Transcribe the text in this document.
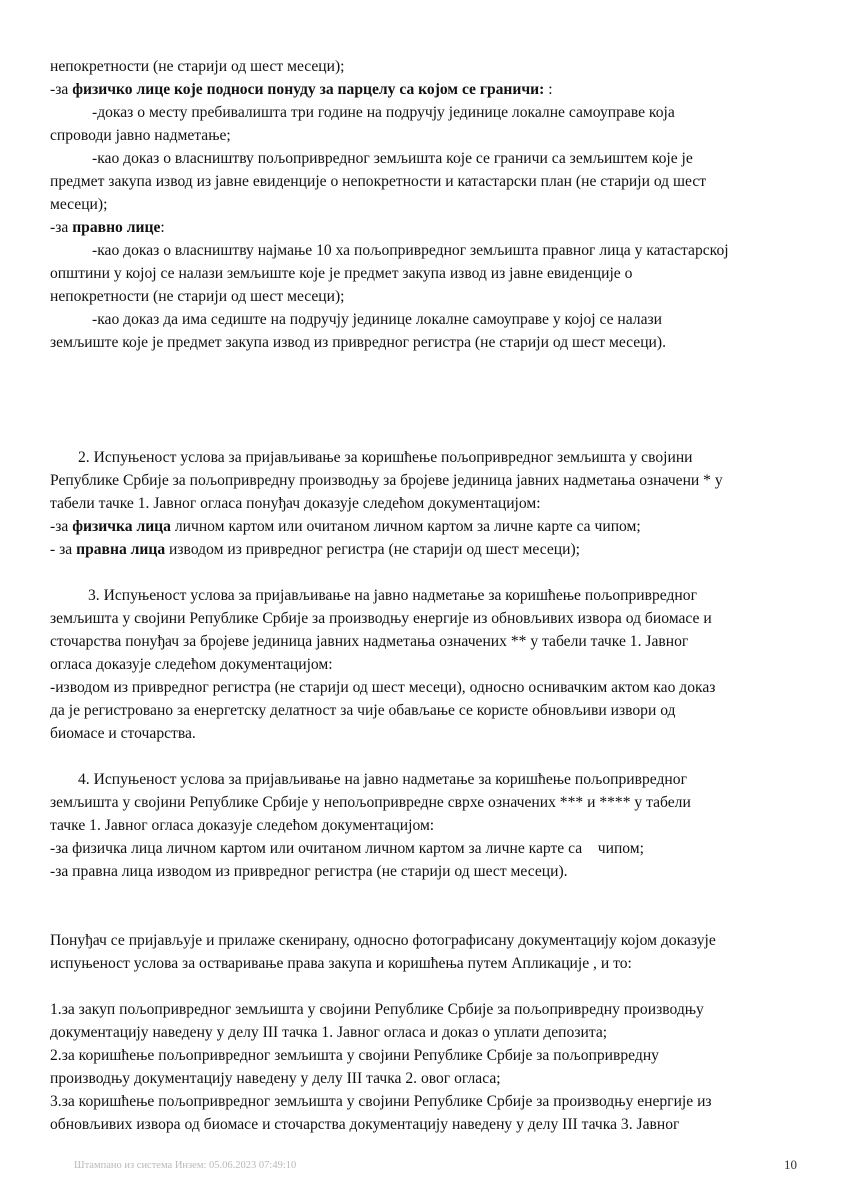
непокретности (не старији од шест месеци);
-за физичко лице које подноси понуду за парцелу са којом се граничи: :
-доказ о месту пребивалишта три године на подручју јединице локалне самоуправе која
спроводи јавно надметање;
-као доказ о власништву пољопривредног земљишта које се граничи са земљиштем које је
предмет закупа извод из јавне евиденције о непокретности и катастарски план (не старији од шест
месеци);
-за правно лице:
-као доказ о власништву најмање 10 ха пољопривредног земљишта правног лица у катастарској
општини у којој се налази земљиште које је предмет закупа извод из јавне евиденције о
непокретности (не старији од шест месеци);
-као доказ да има седиште на подручју јединице локалне самоуправе у којој се налази
земљиште које је предмет закупа извод из привредног регистра (не старији од шест месеци).
2. Испуњеност услова за пријављивање за коришћење пољопривредног земљишта у својини
Републике Србије за пољопривредну производњу за бројеве јединица јавних надметања означени * у
табели тачке 1. Јавног огласа понуђач доказује следећом документацијом:
-за физичка лица личном картом или очитаном личном картом за личне карте са чипом;
- за правна лица изводом из привредног регистра (не старији од шест месеци);
3. Испуњеност услова за пријављивање на јавно надметање за коришћење пољопривредног
земљишта у својини Републике Србије за производњу енергије из обновљивих извора од биомасе и
сточарства понуђач за бројеве јединица јавних надметања означених ** у табели тачке 1. Јавног
огласа доказује следећом документацијом:
-изводом из привредног регистра (не старији од шест месеци), односно оснивачким актом као доказ
да је регистровано за енергетску делатност за чије обављање се користе обновљиви извори од
биомасе и сточарства.
4. Испуњеност услова за пријављивање на јавно надметање за коришћење пољопривредног
земљишта у својини Републике Србије у непољопривредне сврхе означених *** и **** у табели
тачке 1. Јавног огласа доказује следећом документацијом:
-за физичка лица личном картом или очитаном личном картом за личне карте са    чипом;
-за правна лица изводом из привредног регистра (не старији од шест месеци).
Понуђач се пријављује и прилаже скенирану, односно фотографисану документацију којом доказује
испуњеност услова за остваривање права закупа и коришћења путем Апликације , и то:
1.за закуп пољопривредног земљишта у својини Републике Србије за пољопривредну производњу
документацију наведену у делу III тачка 1. Јавног огласа и доказ о уплати депозита;
2.за коришћење пољопривредног земљишта у својини Републике Србије за пољопривредну
производњу документацију наведену у делу III тачка 2. овог огласа;
3.за коришћење пољопривредног земљишта у својини Републике Србије за производњу енергије из
обновљивих извора од биомасе и сточарства документацију наведену у делу III тачка 3. Јавног
Штампано из система Инзем: 05.06.2023 07:49:10	10
